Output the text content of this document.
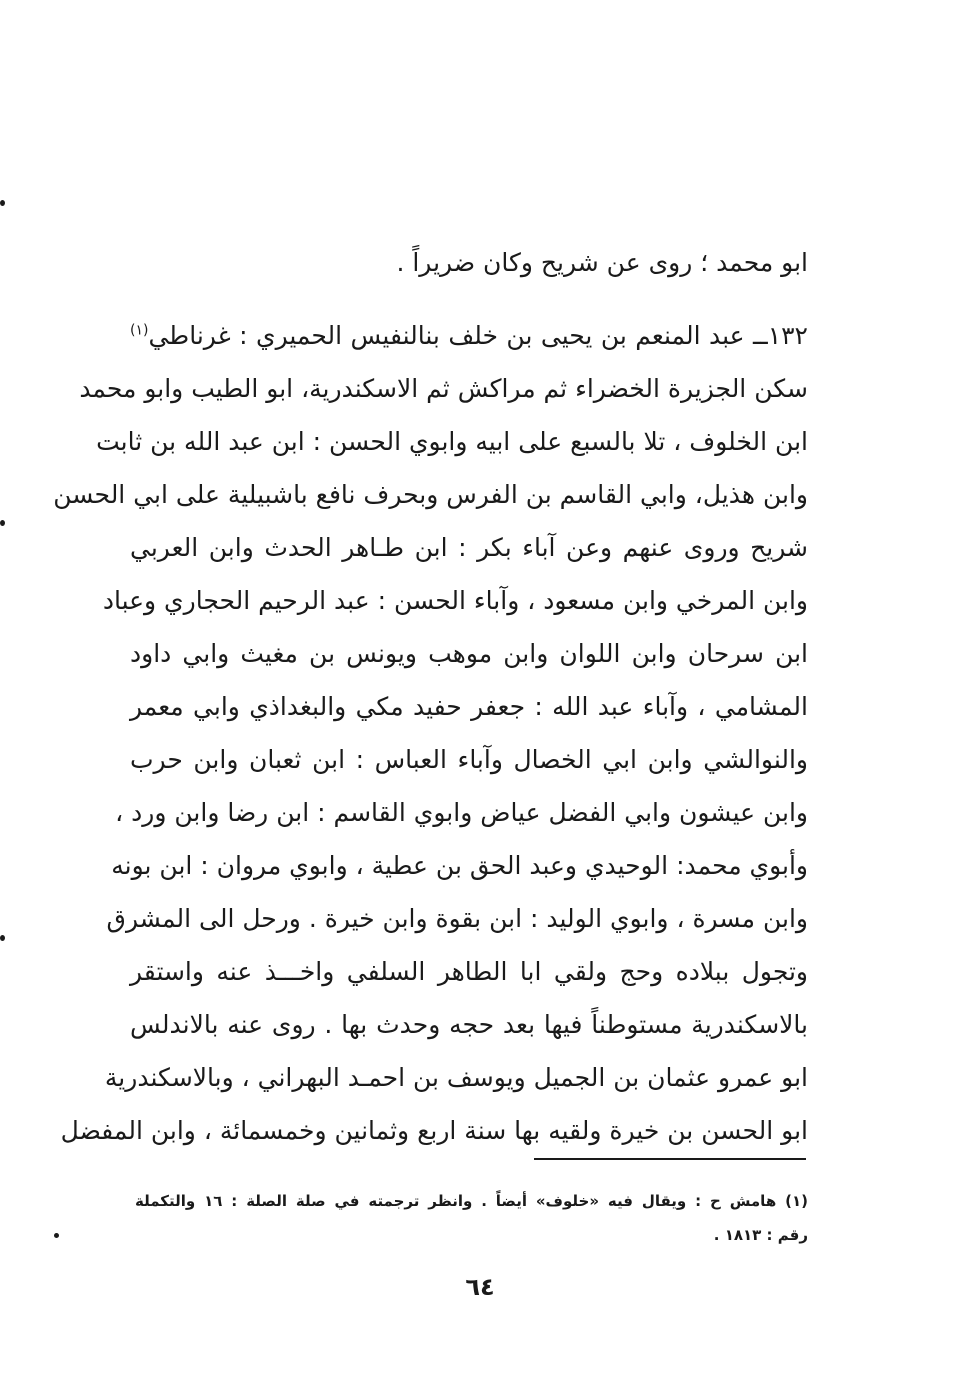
ابو محمد ؛ روى عن شريح وكان ضريراً .
١٣٢ــ عبد المنعم بن يحيى بن خلف بنالنفيس الحميري : غرناطي$^{(١)}$
سكن الجزيرة الخضراء ثم مراكش ثم الاسكندرية، ابو الطيب وابو محمد
ابن الخلوف ، تلا بالسبع على ابيه وابوي الحسن : ابن عبد الله بن ثابت
وابن هذيل، وابي القاسم بن الفرس وبحرف نافع باشبيلية على ابي الحسن
شريح وروى عنهم وعن آباء بكر : ابن طـاهر الحدث وابن العربي
وابن المرخي وابن مسعود ، وآباء الحسن : عبد الرحيم الحجاري وعباد
ابن سرحان وابن اللوان وابن موهب ويونس بن مغيث وابي داود
المشامي ، وآباء عبد الله : جعفر حفيد مكي والبغداذي وابي معمر
والنوالشي وابن ابي الخصال وآباء العباس : ابن ثعبان وابن حرب
وابن عيشون وابي الفضل عياض وابوي القاسم : ابن رضا وابن ورد ،
وأبوي محمد: الوحيدي وعبد الحق بن عطية ، وابوي مروان : ابن بونه
وابن مسرة ، وابوي الوليد : ابن بقوة وابن خيرة . ورحل الى المشرق
وتجول ببلاده وحج ولقي ابا الطاهر السلفي واخـــذ عنه واستقر
بالاسكندرية مستوطناً فيها بعد حجه وحدث بها . روى عنه بالاندلس
ابو عمرو عثمان بن الجميل ويوسف بن احمـد البهراني ، وبالاسكندرية
ابو الحسن بن خيرة ولقيه بها سنة اربع وثمانين وخمسمائة ، وابن المفضل
(١) هامش ح : ويقال فيه «خلوف» أيضاً . وانظر ترجمته في صلة الصلة : ١٦ والتكملة
رقم : ١٨١٣ .
٦٤
